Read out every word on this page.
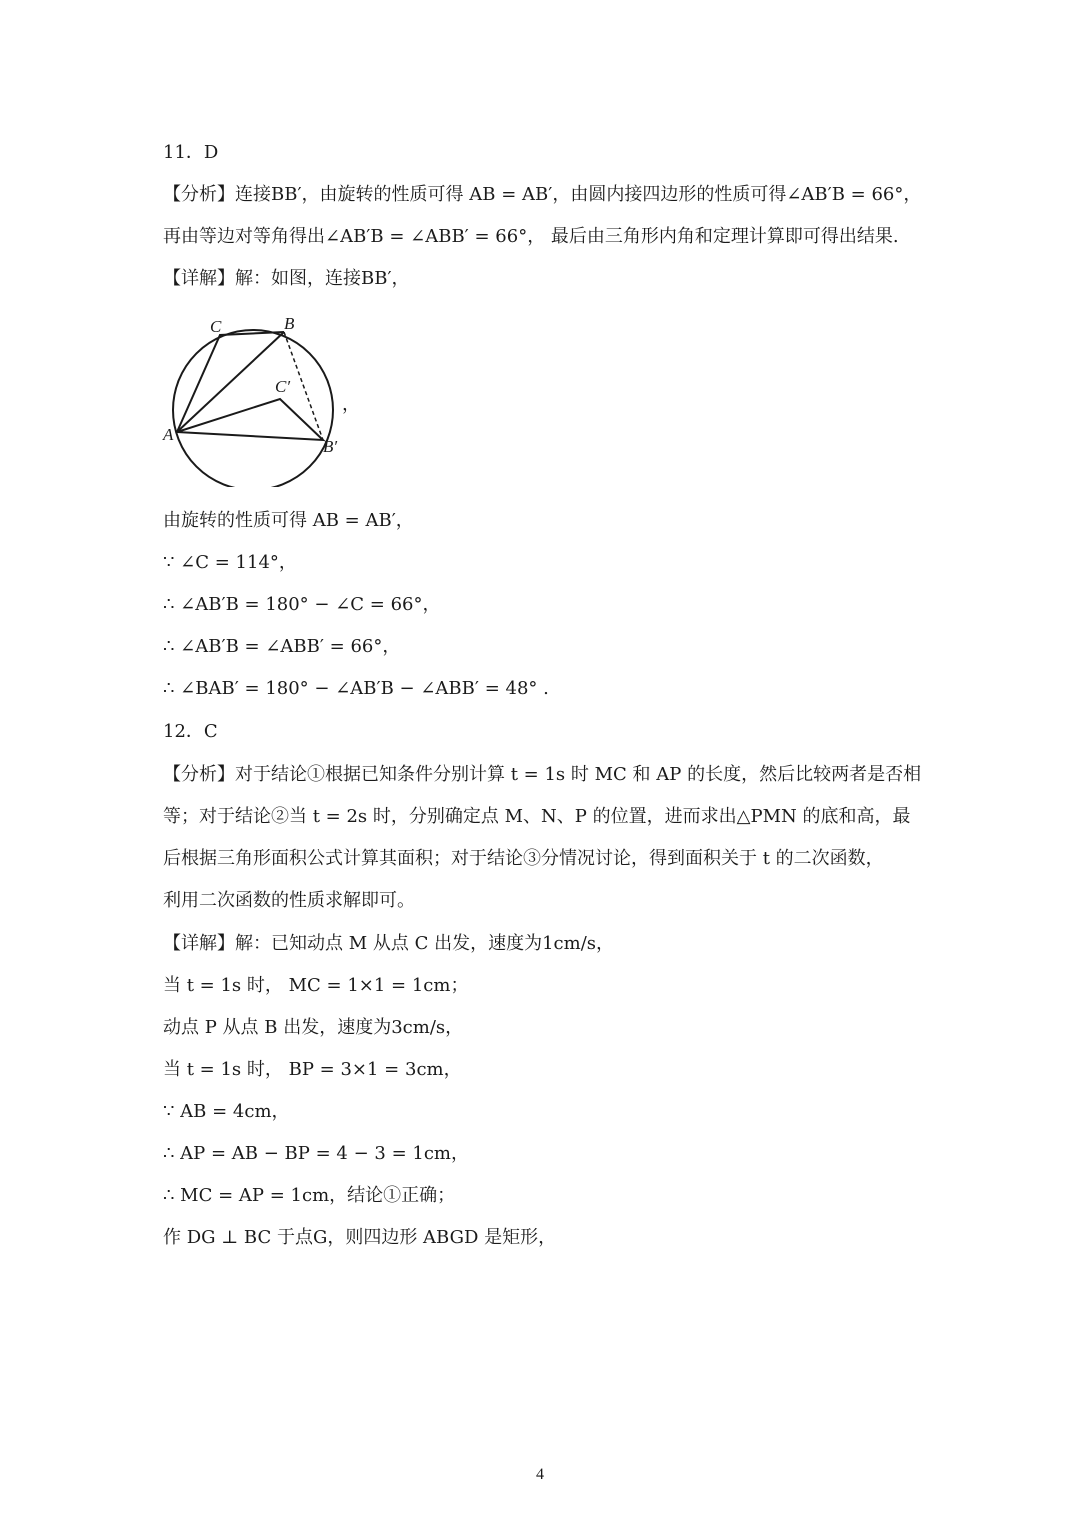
11．D
【分析】连接BB′，由旋转的性质可得 AB = AB′，由圆内接四边形的性质可得∠AB′B = 66°，
再由等边对等角得出∠AB′B = ∠ABB′ = 66°， 最后由三角形内角和定理计算即可得出结果.
【详解】解：如图，连接BB′，
C	B
C′
A
B′
，
由旋转的性质可得 AB = AB′，
∵ ∠C = 114°，
∴ ∠AB′B = 180° − ∠C = 66°，
∴ ∠AB′B = ∠ABB′ = 66°，
∴ ∠BAB′ = 180° − ∠AB′B − ∠ABB′ = 48° .
12．C
【分析】对于结论①根据已知条件分别计算 t = 1s 时 MC 和 AP 的长度，然后比较两者是否相
等；对于结论②当 t = 2s 时，分别确定点 M、N、P 的位置，进而求出△PMN 的底和高，最
后根据三角形面积公式计算其面积；对于结论③分情况讨论，得到面积关于 t 的二次函数，
利用二次函数的性质求解即可。
【详解】解：已知动点 M 从点 C 出发，速度为1cm/s，
当 t = 1s 时， MC = 1×1 = 1cm；
动点 P 从点 B 出发，速度为3cm/s，
当 t = 1s 时， BP = 3×1 = 3cm，
∵ AB = 4cm，
∴ AP = AB − BP = 4 − 3 = 1cm，
∴ MC = AP = 1cm，结论①正确；
作 DG ⊥ BC 于点G，则四边形 ABGD 是矩形，
4
